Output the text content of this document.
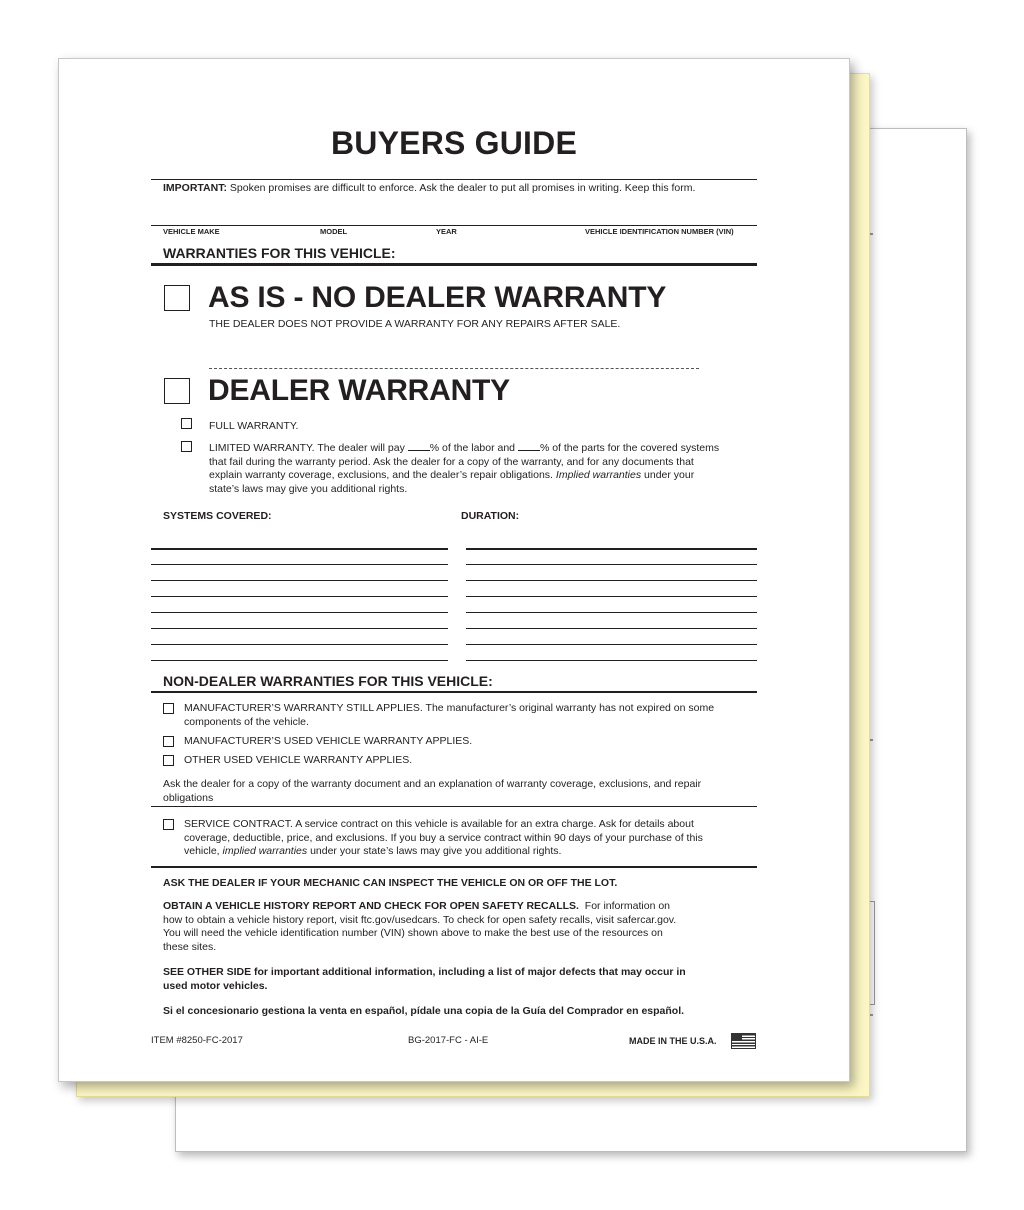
BUYERS GUIDE
IMPORTANT: Spoken promises are difficult to enforce. Ask the dealer to put all promises in writing. Keep this form.
VEHICLE MAKE	MODEL	YEAR	VEHICLE IDENTIFICATION NUMBER (VIN)
WARRANTIES FOR THIS VEHICLE:
AS IS - NO DEALER WARRANTY
THE DEALER DOES NOT PROVIDE A WARRANTY FOR ANY REPAIRS AFTER SALE.
DEALER WARRANTY
FULL WARRANTY.
LIMITED WARRANTY. The dealer will pay % of the labor and % of the parts for the covered systems
that fail during the warranty period. Ask the dealer for a copy of the warranty, and for any documents that
explain warranty coverage, exclusions, and the dealer’s repair obligations. Implied warranties under your
state’s laws may give you additional rights.
SYSTEMS COVERED:	DURATION:
NON-DEALER WARRANTIES FOR THIS VEHICLE:
MANUFACTURER’S WARRANTY STILL APPLIES. The manufacturer’s original warranty has not expired on some
components of the vehicle.
MANUFACTURER’S USED VEHICLE WARRANTY APPLIES.
OTHER USED VEHICLE WARRANTY APPLIES.
Ask the dealer for a copy of the warranty document and an explanation of warranty coverage, exclusions, and repair
obligations
SERVICE CONTRACT. A service contract on this vehicle is available for an extra charge. Ask for details about
coverage, deductible, price, and exclusions. If you buy a service contract within 90 days of your purchase of this
vehicle, implied warranties under your state’s laws may give you additional rights.
ASK THE DEALER IF YOUR MECHANIC CAN INSPECT THE VEHICLE ON OR OFF THE LOT.
OBTAIN A VEHICLE HISTORY REPORT AND CHECK FOR OPEN SAFETY RECALLS. For information on
how to obtain a vehicle history report, visit ftc.gov/usedcars. To check for open safety recalls, visit safercar.gov.
You will need the vehicle identification number (VIN) shown above to make the best use of the resources on
these sites.
SEE OTHER SIDE for important additional information, including a list of major defects that may occur in
used motor vehicles.
Si el concesionario gestiona la venta en español, pídale una copia de la Guía del Comprador en español.
ITEM #8250-FC-2017	BG-2017-FC - AI-E	MADE IN THE U.S.A.
